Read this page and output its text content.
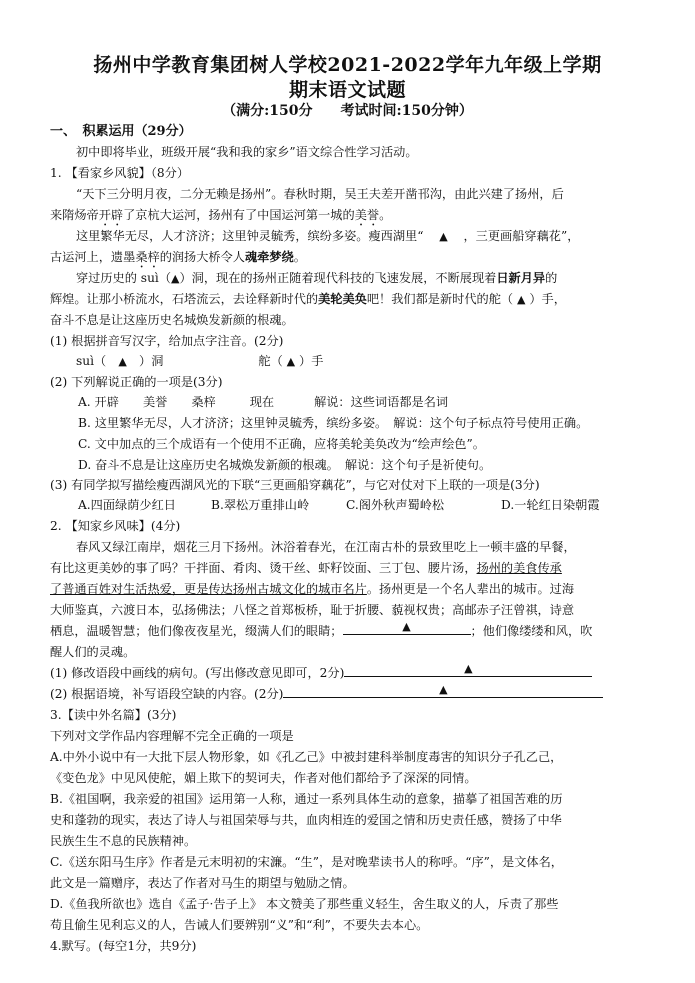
扬州中学教育集团树人学校2021-2022学年九年级上学期
期末语文试题
（满分:150分　　考试时间:150分钟）
一、　积累运用（29分）
初中即将毕业，班级开展“我和我的家乡”语文综合性学习活动。
1. 【看家乡风貌】（8分）
“天下三分明月夜，二分无赖是扬州”。春秋时期，吴王夫差开凿邗沟，由此兴建了扬州，后
来隋炀帝开辟了京杭大运河，扬州有了中国运河第一城的美誉。
这里繁华无尽，人才济济；这里钟灵毓秀，缤纷多姿。瘦西湖里“ ▲ ，三更画船穿藕花”，
古运河上，遗墨桑梓的润扬大桥令人魂牵梦绕。
穿过历史的 suì（▲）洞，现在的扬州正随着现代科技的飞速发展，不断展现着日新月异的
辉煌。让那小桥流水，石塔流云，去诠释新时代的美轮美奂吧！我们都是新时代的舵（ ▲ ）手，
奋斗不息是让这座历史名城焕发新颜的根魂。
(1) 根据拼音写汉字，给加点字注音。(2分)
suì（　 ▲　 ）洞	舵（ ▲ ）手
(2) 下列解说正确的一项是(3分)
A. 开辟 美誉 桑梓	现在	解说：这些词语都是名词
B. 这里繁华无尽，人才济济；这里钟灵毓秀，缤纷多姿。　解说：这个句子标点符号使用正确。
C. 文中加点的三个成语有一个使用不正确，应将美轮美奂改为“绘声绘色”。
D. 奋斗不息是让这座历史名城焕发新颜的根魂。　解说：这个句子是祈使句。
(3) 有同学拟写描绘瘦西湖风光的下联“三更画船穿藕花”，与它对仗对下上联的一项是(3分)
A.四面绿荫少红日	B.翠松万重排山岭	C.阁外秋声蜀岭松	D.一轮红日染朝霞
2. 【知家乡风味】(4分)
春风又绿江南岸，烟花三月下扬州。沐浴着春光，在江南古朴的景致里吃上一顿丰盛的早餐，
有比这更美妙的事了吗？干拌面、肴肉、烫干丝、虾籽饺面、三丁包、腰片汤，扬州的美食传承
了普通百姓对生活热爱，更是传达扬州古城文化的城市名片。扬州更是一个名人辈出的城市。过海
大师鉴真，六渡日本，弘扬佛法；八怪之首郑板桥，耻于折腰、藐视权贵；高邮赤子汪曾祺，诗意
栖息，温暖智慧；他们像夜夜星光，缀满人们的眼睛；	▲	；他们像缕缕和风，吹
醒人们的灵魂。
(1) 修改语段中画线的病句。(写出修改意见即可，2分)	▲
(2) 根据语境，补写语段空缺的内容。(2分)	▲
3.【读中外名篇】(3分)
下列对文学作品内容理解不完全正确的一项是
A.中外小说中有一大批下层人物形象，如《孔乙己》中被封建科举制度毒害的知识分子孔乙己，
《变色龙》中见风使舵，媚上欺下的契诃夫，作者对他们都给予了深深的同情。
B.《祖国啊，我亲爱的祖国》运用第一人称，通过一系列具体生动的意象，描摹了祖国苦难的历
史和蓬勃的现实，表达了诗人与祖国荣辱与共，血肉相连的爱国之情和历史责任感，赞扬了中华
民族生生不息的民族精神。
C.《送东阳马生序》作者是元末明初的宋濂。“生”，是对晚辈读书人的称呼。“序”，是文体名，
此文是一篇赠序，表达了作者对马生的期望与勉励之情。
D.《鱼我所欲也》选自《孟子·告子上》 本文赞美了那些重义轻生，舍生取义的人，斥责了那些
苟且偷生见利忘义的人，告诫人们要辨别“义”和“利”，不要失去本心。
4.默写。(每空1分，共9分)
